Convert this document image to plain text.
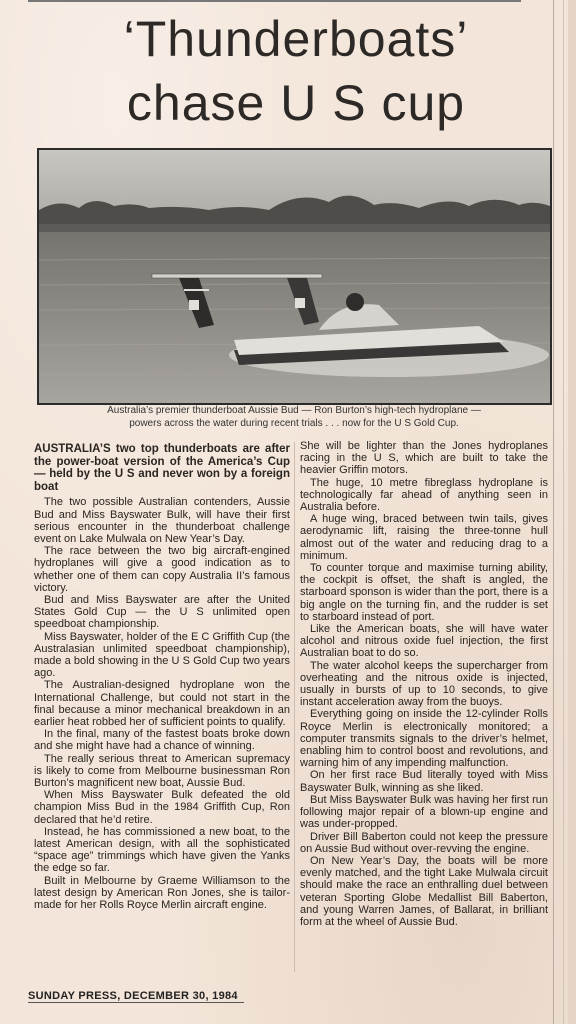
‘Thunderboats’
chase U S cup
Australia’s premier thunderboat Aussie Bud — Ron Burton’s high-tech hydroplane —
powers across the water during recent trials . . . now for the U S Gold Cup.

AUSTRALIA’S two top thunderboats are after the power-boat version of the America’s Cup — held by the U S and never won by a foreign boat

The two possible Australian contenders, Aussie Bud and Miss Bayswater Bulk, will have their first serious encounter in the thunderboat challenge event on Lake Mulwala on New Year’s Day.

The race between the two big aircraft-engined hydroplanes will give a good indication as to whether one of them can copy Australia II’s famous victory.

Bud and Miss Bayswater are after the United States Gold Cup — the U S unlimited open speedboat championship.

Miss Bayswater, holder of the E C Griffith Cup (the Australasian unlimited speedboat championship), made a bold showing in the U S Gold Cup two years ago.

The Australian-designed hydroplane won the International Challenge, but could not start in the final because a minor mechanical breakdown in an earlier heat robbed her of sufficient points to qualify.

In the final, many of the fastest boats broke down and she might have had a chance of winning.

The really serious threat to American supremacy is likely to come from Melbourne businessman Ron Burton’s magnificent new boat, Aussie Bud.

When Miss Bayswater Bulk defeated the old champion Miss Bud in the 1984 Griffith Cup, Ron declared that he’d retire.

Instead, he has commissioned a new boat, to the latest American design, with all the sophisticated “space age” trimmings which have given the Yanks the edge so far.

Built in Melbourne by Graeme Williamson to the latest design by American Ron Jones, she is tailor-made for her Rolls Royce Merlin aircraft engine.

She will be lighter than the Jones hydroplanes racing in the U S, which are built to take the heavier Griffin motors.

The huge, 10 metre fibreglass hydroplane is technologically far ahead of anything seen in Australia before.

A huge wing, braced between twin tails, gives aerodynamic lift, raising the three-tonne hull almost out of the water and reducing drag to a minimum.

To counter torque and maximise turning ability, the cockpit is offset, the shaft is angled, the starboard sponson is wider than the port, there is a big angle on the turning fin, and the rudder is set to starboard instead of port.

Like the American boats, she will have water alcohol and nitrous oxide fuel injection, the first Australian boat to do so.

The water alcohol keeps the supercharger from overheating and the nitrous oxide is injected, usually in bursts of up to 10 seconds, to give instant acceleration away from the buoys.

Everything going on inside the 12-cylinder Rolls Royce Merlin is electronically monitored; a computer transmits signals to the driver’s helmet, enabling him to control boost and revolutions, and warning him of any impending malfunction.

On her first race Bud literally toyed with Miss Bayswater Bulk, winning as she liked.

But Miss Bayswater Bulk was having her first run following major repair of a blown-up engine and was under-propped.

Driver Bill Baberton could not keep the pressure on Aussie Bud without over-revving the engine.

On New Year’s Day, the boats will be more evenly matched, and the tight Lake Mulwala circuit should make the race an enthralling duel between veteran Sporting Globe Medallist Bill Baberton, and young Warren James, of Ballarat, in brilliant form at the wheel of Aussie Bud.

SUNDAY PRESS, DECEMBER 30, 1984
